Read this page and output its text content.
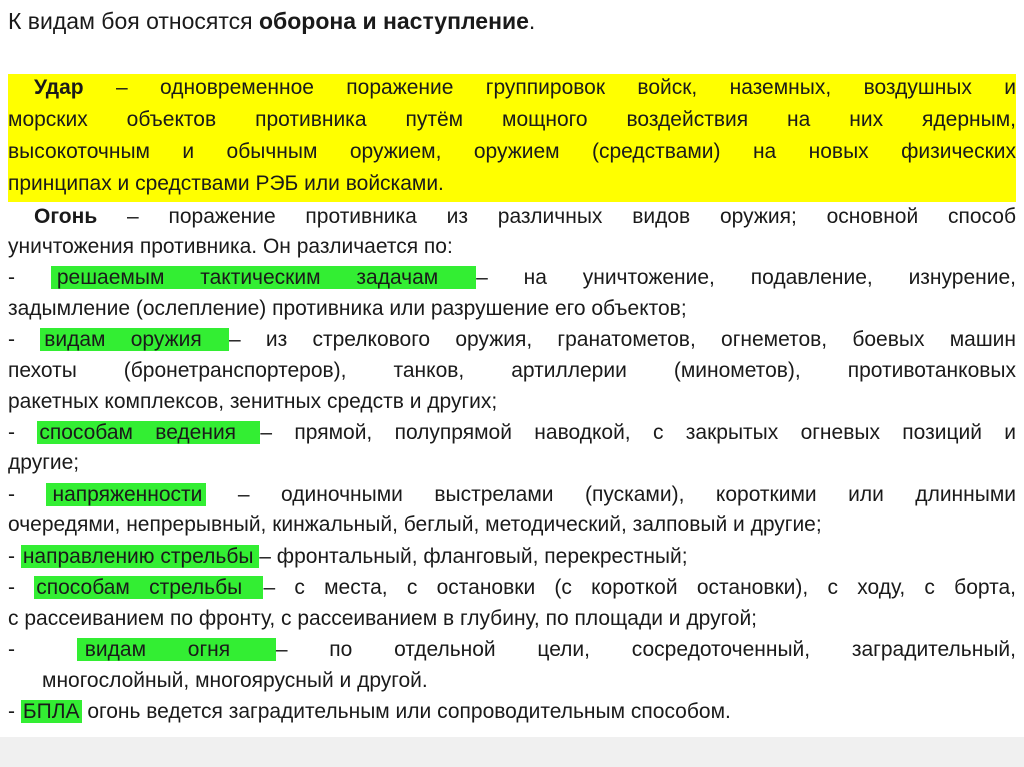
К видам боя относятся оборона и наступление.
Удар – одновременное поражение группировок войск, наземных, воздушных и
морских объектов противника путём мощного воздействия на них ядерным,
высокоточным и обычным оружием, оружием (средствами) на новых физических
принципах и средствами РЭБ или войсками.
Огонь – поражение противника из различных видов оружия; основной способ
уничтожения противника. Он различается по:
- решаемым тактическим задачам – на уничтожение, подавление, изнурение,
задымление (ослепление) противника или разрушение его объектов;
- видам оружия – из стрелкового оружия, гранатометов, огнеметов, боевых машин
пехоты (бронетранспортеров), танков, артиллерии (минометов), противотанковых
ракетных комплексов, зенитных средств и других;
- способам ведения – прямой, полупрямой наводкой, с закрытых огневых позиций и
другие;
- напряженности – одиночными выстрелами (пусками), короткими или длинными
очередями, непрерывный, кинжальный, беглый, методический, залповый и другие;
- направлению стрельбы – фронтальный, фланговый, перекрестный;
- способам стрельбы – с места, с остановки (с короткой остановки), с ходу, с борта,
с рассеиванием по фронту, с рассеиванием в глубину, по площади и другой;
- видам огня – по отдельной цели, сосредоточенный, заградительный,
многослойный, многоярусный и другой.
- БПЛА огонь ведется заградительным или сопроводительным способом.
